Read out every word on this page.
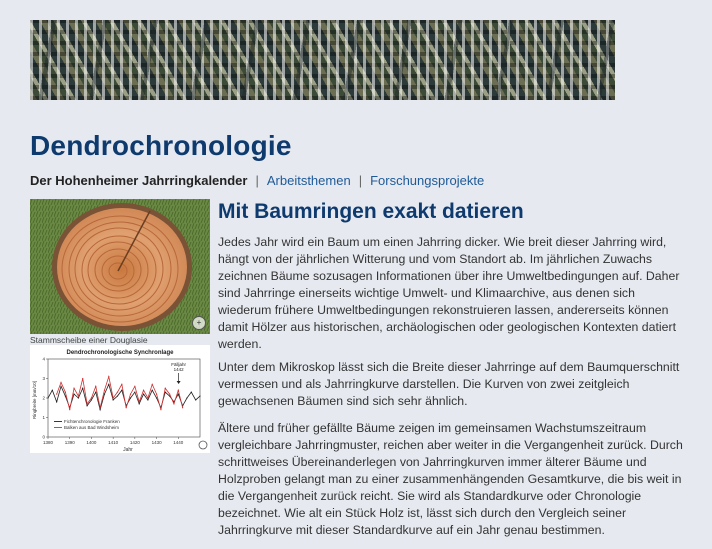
Dendrochronologie
Der Hohenheimer Jahrringkalender | Arbeitsthemen | Forschungsprojekte
+
Stammscheibe einer Douglasie
Dendrochronologische Synchronlage
Ringbreite [mm/10]
Jahr
1380	1390	1400	1410	1420	1430	1440
0
1
2
3
4
Fichtenchronologie Franken
Balken aus Bad Windsheim
Fälljahr
1442
Mit Baumringen exakt datieren
Jedes Jahr wird ein Baum um einen Jahrring dicker. Wie breit dieser Jahrring wird, hängt von der jährlichen Witterung und vom Standort ab. Im jährlichen Zuwachs zeichnen Bäume sozusagen Informationen über ihre Umweltbedingungen auf. Daher sind Jahrringe einerseits wichtige Umwelt- und Klimaarchive, aus denen sich wiederum frühere Umweltbedingungen rekonstruieren lassen, andererseits können damit Hölzer aus historischen, archäologischen oder geologischen Kontexten datiert werden.
Unter dem Mikroskop lässt sich die Breite dieser Jahrringe auf dem Baumquerschnitt vermessen und als Jahrringkurve darstellen. Die Kurven von zwei zeitgleich gewachsenen Bäumen sind sich sehr ähnlich.
Ältere und früher gefällte Bäume zeigen im gemeinsamen Wachstumszeitraum vergleichbare Jahrringmuster, reichen aber weiter in die Vergangenheit zurück. Durch schrittweises Übereinanderlegen von Jahrringkurven immer älterer Bäume und Holzproben gelangt man zu einer zusammenhängenden Gesamtkurve, die bis weit in die Vergangenheit zurück reicht. Sie wird als Standardkurve oder Chronologie bezeichnet. Wie alt ein Stück Holz ist, lässt sich durch den Vergleich seiner Jahrringkurve mit dieser Standardkurve auf ein Jahr genau bestimmen.
